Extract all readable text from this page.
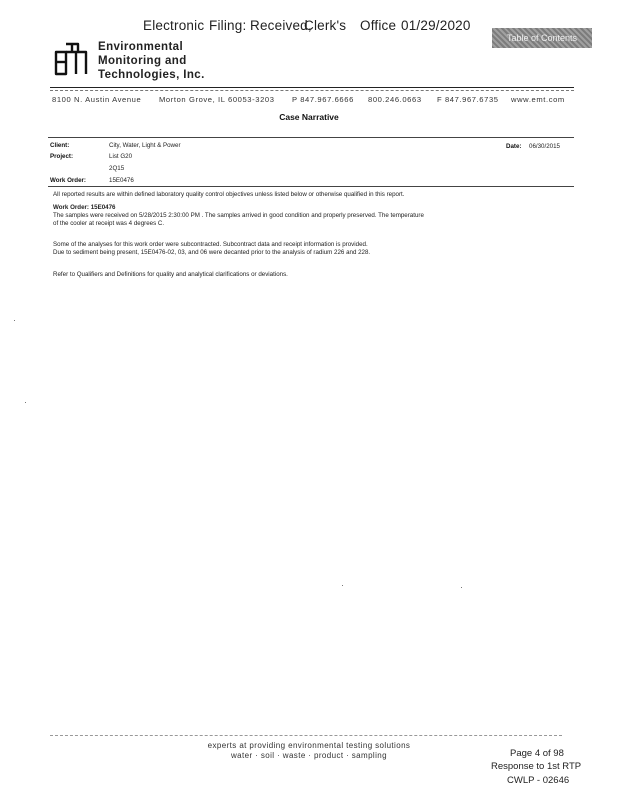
Electronic Filing: Received,
Clerk's Office 01/29/2020
Table of Contents
Environmental
Monitoring and
Technologies, Inc.
8100 N. Austin Avenue Morton Grove, IL 60053-3203 P 847.967.6666 800.246.0663 F 847.967.6735 www.emt.com
Case Narrative
Client:	City, Water, Light & Power	Date: 06/30/2015
Project:	List G20
2Q15
Work Order:	15E0476
All reported results are within defined laboratory quality control objectives unless listed below or otherwise qualified in this report.
Work Order: 15E0476
The samples were received on 5/28/2015 2:30:00 PM . The samples arrived in good condition and properly preserved. The temperature
of the cooler at receipt was 4 degrees C.
Some of the analyses for this work order were subcontracted. Subcontract data and receipt information is provided.
Due to sediment being present, 15E0476-02, 03, and 06 were decanted prior to the analysis of radium 226 and 228.
Refer to Qualifiers and Definitions for quality and analytical clarifications or deviations.
experts at providing environmental testing solutions
water · soil · waste · product · sampling	Page 4 of 98
Response to 1st RTP
CWLP - 02646
